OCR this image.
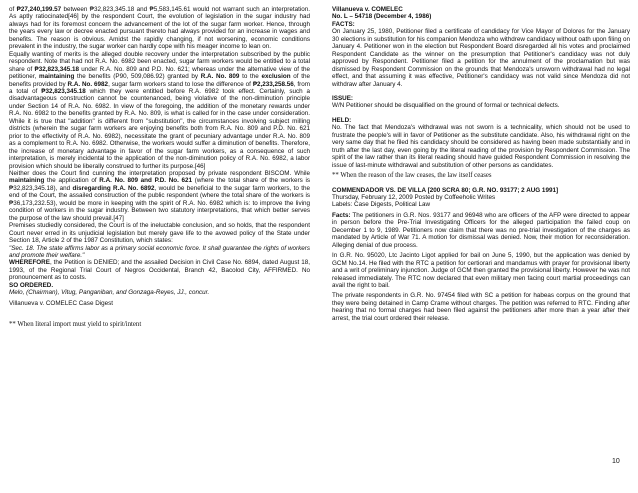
of ₱27,240,199.57 between ₱32,823,345.18 and ₱5,583,145.61 would not warrant such an interpretation. As aptly ratiocinated[46] by the respondent Court, the evolution of legislation in the sugar industry had always had for its foremost concern the advancement of the lot of the sugar farm worker. Hence, through the years every law or decree enacted pursuant thereto had always provided for an increase in wages and benefits. The reason is obvious. Amidst the rapidly changing, if not worsening, economic conditions prevalent in the industry, the sugar worker can hardly cope with his meager income to lean on.

Equally wanting of merits is the alleged double recovery under the interpretation subscribed by the public respondent. Note that had not R.A. No. 6982 been enacted, sugar farm workers would be entitled to a total share of ₱32,823,345.18 under R.A. No. 809 and P.D. No. 621; whereas under the alternative view of the petitioner, maintaining the benefits (P90, 509,086.92) granted by R.A. No. 809 to the exclusion of the benefits provided by R.A. No. 6982, sugar farm workers stand to lose the difference of ₱2,233,258.56, from a total of ₱32,823,345.18 which they were entitled before R.A. 6982 took effect. Certainly, such a disadvantageous construction cannot be countenanced, being violative of the non-diminution principle under Section 14 of R.A. No. 6982. In view of the foregoing, the addition of the monetary rewards under R.A. No. 6982 to the benefits granted by R.A. No. 809, is what is called for in the case under consideration. While it is true that "addition" is different from "substitution", the circumstances involving subject milling districts (wherein the sugar farm workers are enjoying benefits both from R.A. No. 809 and P.D. No. 621 prior to the effectivity of R.A. No. 6982), necessitate the grant of pecuniary advantage under R.A. No. 809 as a complement to R.A. No. 6982. Otherwise, the workers would suffer a diminution of benefits. Therefore, the increase of monetary advantage in favor of the sugar farm workers, as a consequence of such interpretation, is merely incidental to the application of the non-diminution policy of R.A. No. 6982, a labor provision which should be liberally construed to further its purpose.[46]

Neither does the Court find cunning the interpretation proposed by private respondent BISCOM. While maintaining the application of R.A. No. 809 and P.D. No. 621 (where the total share of the workers is ₱32,823,345.18), and disregarding R.A. No. 6892, would be beneficial to the sugar farm workers, to the end of the Court, the assailed construction of the public respondent (where the total share of the workers is ₱36,173,232.53), would be more in keeping with the spirit of R.A. No. 6982 which is: to improve the living condition of workers in the sugar industry. Between two statutory interpretations, that which better serves the purpose of the law should prevail.[47]

Premises studiedly considered, the Court is of the ineluctable conclusion, and so holds, that the respondent Court never erred in its unjudicial legislation but merely gave life to the avowed policy of the State under Section 18, Article 2 of the 1987 Constitution, which states:

"Sec. 18. The state affirms labor as a primary social economic force. It shall guarantee the rights of workers and promote their welfare."

WHEREFORE, the Petition is DENIED; and the assailed Decision in Civil Case No. 6894, dated August 18, 1993, of the Regional Trial Court of Negros Occidental, Branch 42, Bacolod City, AFFIRMED. No pronouncement as to costs.

SO ORDERED.

Melo, (Chairman), Vitug, Panganiban, and Gonzaga-Reyes, JJ., concur.

Villanueva v. COMELEC Case Digest

** When literal import must yield to spirit/intent

Villanueva v. COMELEC

No. L – 54718 (December 4, 1986)

FACTS:

On January 25, 1980, Petitioner filed a certificate of candidacy for Vice Mayor of Dolores for the January 30 elections in substitution for his companion Mendoza who withdrew candidacy without oath upon filing on January 4. Petitioner won in the election but Respondent Board disregarded all his votes and proclaimed Respondent Candidate as the winner on the presumption that Petitioner's candidacy was not duly approved by Respondent. Petitioner filed a petition for the annulment of the proclamation but was dismissed by Respondent Commission on the grounds that Mendoza's unsworn withdrawal had no legal effect, and that assuming it was effective, Petitioner's candidacy was not valid since Mendoza did not withdraw after January 4.

ISSUE:

W/N Petitioner should be disqualified on the ground of formal or technical defects.

HELD:

No. The fact that Mendoza's withdrawal was not sworn is a technicality, which should not be used to frustrate the people's will in favor of Petitioner as the substitute candidate. Also, his withdrawal right on the very same day that he filed his candidacy should be considered as having been made substantially and in truth after the last day, even going by the literal reading of the provision by Respondent Commission. The spirit of the law rather than its literal reading should have guided Respondent Commission in resolving the issue of last-minute withdrawal and substitution of other persons as candidates.

** When the reason of the law ceases, the law itself ceases

COMMENDADOR VS. DE VILLA [200 SCRA 80; G.R. NO. 93177; 2 AUG 1991]

Thursday, February 12, 2009 Posted by Coffeeholic Writes

Labels: Case Digests, Political Law

Facts: The petitioners in G.R. Nos. 93177 and 96948 who are officers of the AFP were directed to appear in person before the Pre-Trial Investigating Officers for the alleged participation the failed coup on December 1 to 9, 1989. Petitioners now claim that there was no pre-trial investigation of the charges as mandated by Article of War 71. A motion for dismissal was denied. Now, their motion for reconsideration. Alleging denial of due process.

In G.R. No. 95020, Ltc Jacinto Ligot applied for bail on June 5, 1990, but the application was denied by GCM No.14. He filed with the RTC a petition for certiorari and mandamus with prayer for provisional liberty and a writ of preliminary injunction. Judge of GCM then granted the provisional liberty. However he was not released immediately. The RTC now declared that even military men facing court martial proceedings can avail the right to bail.

The private respondents in G.R. No. 97454 filed with SC a petition for habeas corpus on the ground that they were being detained in Camp Crame without charges. The petition was referred to RTC. Finding after hearing that no formal charges had been filed against the petitioners after more than a year after their arrest, the trial court ordered their release.

10
